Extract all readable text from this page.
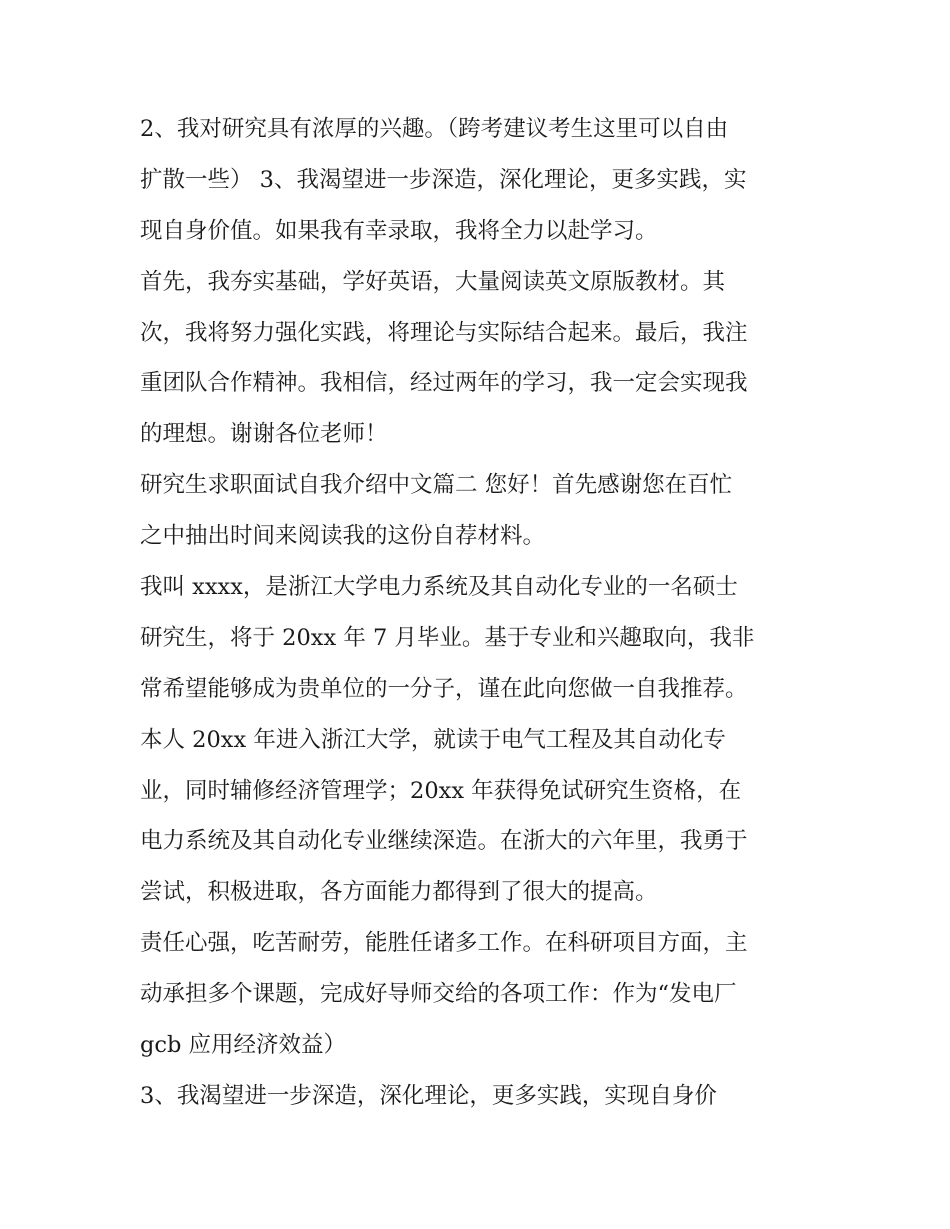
2、我对研究具有浓厚的兴趣。（跨考建议考生这里可以自由
扩散一些） 3、我渴望进一步深造，深化理论，更多实践，实
现自身价值。如果我有幸录取，我将全力以赴学习。
首先，我夯实基础，学好英语，大量阅读英文原版教材。其
次，我将努力强化实践，将理论与实际结合起来。最后，我注
重团队合作精神。我相信，经过两年的学习，我一定会实现我
的理想。谢谢各位老师！
研究生求职面试自我介绍中文篇二 您好！首先感谢您在百忙
之中抽出时间来阅读我的这份自荐材料。
我叫 xxxx，是浙江大学电力系统及其自动化专业的一名硕士
研究生，将于 20xx 年 7 月毕业。基于专业和兴趣取向，我非
常希望能够成为贵单位的一分子，谨在此向您做一自我推荐。
本人 20xx 年进入浙江大学，就读于电气工程及其自动化专
业，同时辅修经济管理学；20xx 年获得免试研究生资格，在
电力系统及其自动化专业继续深造。在浙大的六年里，我勇于
尝试，积极进取，各方面能力都得到了很大的提高。
责任心强，吃苦耐劳，能胜任诸多工作。在科研项目方面，主
动承担多个课题，完成好导师交给的各项工作：作为“发电厂
gcb 应用经济效益）
3、我渴望进一步深造，深化理论，更多实践，实现自身价
